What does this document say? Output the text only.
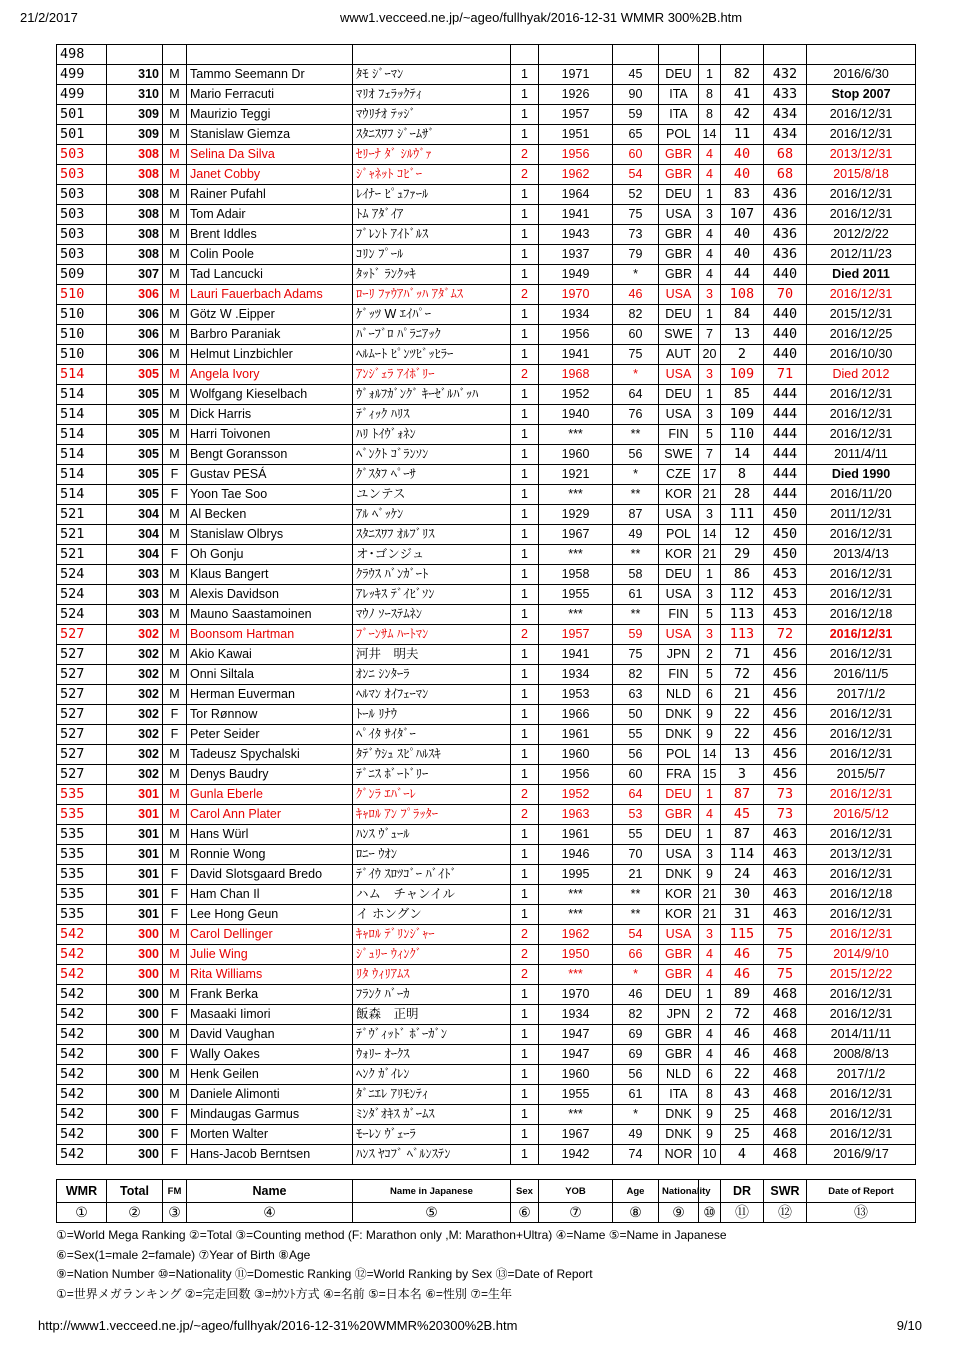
21/2/2017	www1.vecceed.ne.jp/~ageo/fullhyak/2016-12-31 WMMR 300%2B.htm
498												
499	310	M	Tammo Seemann Dr	ﾀﾓ ｼﾞｰﾏﾝ	1	1971	45	DEU	1	82	432	2016/6/30
499	310	M	Mario Ferracuti	ﾏﾘｵ ﾌｪﾗｯｸﾃｨ	1	1926	90	ITA	8	41	433	Stop 2007
501	309	M	Maurizio Teggi	ﾏｳﾘﾁｵ ﾃｯｼﾞ	1	1957	59	ITA	8	42	434	2016/12/31
501	309	M	Stanislaw Giemza	ｽﾀﾆｽﾜﾌ ｼﾞｰﾑｻﾞ	1	1951	65	POL	14	11	434	2016/12/31
503	308	M	Selina Da Silva	ｾﾘｰﾅ ﾀﾞ ｼﾙｳﾞｧ	2	1956	60	GBR	4	40	68	2013/12/31
503	308	M	Janet Cobby	ｼﾞｬﾈｯﾄ ｺﾋﾞｰ	2	1962	54	GBR	4	40	68	2015/8/18
503	308	M	Rainer Pufahl	ﾚｲﾅｰ ﾋﾟｭﾌｧｰﾙ	1	1964	52	DEU	1	83	436	2016/12/31
503	308	M	Tom Adair	ﾄﾑ ｱﾀﾞｲｱ	1	1941	75	USA	3	107	436	2016/12/31
503	308	M	Brent Iddles	ﾌﾞﾚﾝﾄ ｱｲﾄﾞﾙｽ	1	1943	73	GBR	4	40	436	2012/2/22
503	308	M	Colin Poole	ｺﾘﾝ ﾌﾟｰﾙ	1	1937	79	GBR	4	40	436	2012/11/23
509	307	M	Tad Lancucki	ﾀｯﾄﾞ ﾗﾝｸｯｷ	1	1949	*	GBR	4	44	440	Died 2011
510	306	M	Lauri Fauerbach Adams	ﾛｰﾘ ﾌｧｳｱﾊﾞｯﾊ ｱﾀﾞﾑｽ	2	1970	46	USA	3	108	70	2016/12/31
510	306	M	Götz W .Eipper	ｹﾞｯﾂ W ｴｲﾊﾟｰ	1	1934	82	DEU	1	84	440	2015/12/31
510	306	M	Barbro Paraniak	ﾊﾞｰﾌﾞﾛ ﾊﾟﾗﾆｱｯｸ	1	1956	60	SWE	7	13	440	2016/12/25
510	306	M	Helmut Linzbichler	ﾍﾙﾑｰﾄ ﾋﾟﾝﾂﾋﾞｯﾋﾗｰ	1	1941	75	AUT	20	2	440	2016/10/30
514	305	M	Angela Ivory	ｱﾝｼﾞｪﾗ ｱｲﾎﾞﾘｰ	2	1968	*	USA	3	109	71	Died 2012
514	305	M	Wolfgang Kieselbach	ｳﾞｫﾙﾌｶﾞﾝｸﾞ ｷｰｾﾞﾙﾊﾞｯﾊ	1	1952	64	DEU	1	85	444	2016/12/31
514	305	M	Dick Harris	ﾃﾞｨｯｸ ﾊﾘｽ	1	1940	76	USA	3	109	444	2016/12/31
514	305	M	Harri Toivonen	ﾊﾘ ﾄｲｳﾞｫﾈﾝ	1	***	**	FIN	5	110	444	2016/12/31
514	305	M	Bengt Goransson	ﾍﾞﾝｸﾄ ｺﾞﾗﾝｿﾝ	1	1960	56	SWE	7	14	444	2011/4/11
514	305	F	Gustav PESÁ	ｸﾞｽﾀﾌ ﾍﾟｰｻ	1	1921	*	CZE	17	8	444	Died 1990
514	305	F	Yoon Tae Soo	ユンテス	1	***	**	KOR	21	28	444	2016/11/20
521	304	M	Al Becken	ｱﾙ ﾍﾞｯｹﾝ	1	1929	87	USA	3	111	450	2011/12/31
521	304	M	Stanislaw Olbrys	ｽﾀﾆｽﾜﾌ ｵﾙﾌﾞﾘｽ	1	1967	49	POL	14	12	450	2016/12/31
521	304	F	Oh Gonju	オ･ゴンジュ	1	***	**	KOR	21	29	450	2013/4/13
524	303	M	Klaus Bangert	ｸﾗｳｽ ﾊﾞﾝｶﾞｰﾄ	1	1958	58	DEU	1	86	453	2016/12/31
524	303	M	Alexis Davidson	ｱﾚｯｷｽ ﾃﾞｲﾋﾞｿﾝ	1	1955	61	USA	3	112	453	2016/12/31
524	303	M	Mauno Saastamoinen	ﾏｳﾉ ｿｰｽﾃﾑﾈﾝ	1	***	**	FIN	5	113	453	2016/12/18
527	302	M	Boonsom Hartman	ﾌﾞｰﾝｻﾑ ﾊｰﾄﾏﾝ	2	1957	59	USA	3	113	72	2016/12/31
527	302	M	Akio Kawai	河井　明夫	1	1941	75	JPN	2	71	456	2016/12/31
527	302	M	Onni Siltala	ｵﾝﾆ ｼﾝﾀｰﾗ	1	1934	82	FIN	5	72	456	2016/11/5
527	302	M	Herman Euverman	ﾍﾙﾏﾝ ｵｲﾌｪｰﾏﾝ	1	1953	63	NLD	6	21	456	2017/1/2
527	302	F	Tor Rønnow	ﾄｰﾙ ﾘﾅｳ	1	1966	50	DNK	9	22	456	2016/12/31
527	302	F	Peter Seider	ﾍﾟｲﾀ ｻｲﾀﾞｰ	1	1961	55	DNK	9	22	456	2016/12/31
527	302	M	Tadeusz Spychalski	ﾀﾃﾞｳｼｭ ｽﾋﾟﾊﾙｽｷ	1	1960	56	POL	14	13	456	2016/12/31
527	302	M	Denys Baudry	ﾃﾞﾆｽ ﾎﾞｰﾄﾞﾘｰ	1	1956	60	FRA	15	3	456	2015/5/7
535	301	M	Gunla Eberle	ｸﾞﾝﾗ ｴﾊﾞｰﾚ	2	1952	64	DEU	1	87	73	2016/12/31
535	301	M	Carol Ann Plater	ｷｬﾛﾙ ｱﾝ ﾌﾟﾗｯﾀｰ	2	1963	53	GBR	4	45	73	2016/5/12
535	301	M	Hans Würl	ﾊﾝｽ ｳﾞｭｰﾙ	1	1961	55	DEU	1	87	463	2016/12/31
535	301	M	Ronnie Wong	ﾛﾆｰ ｳｵﾝ	1	1946	70	USA	3	114	463	2013/12/31
535	301	F	David Slotsgaard Bredo	ﾃﾞｲｳ ｽﾛﾂｺﾞｰ ﾊﾞｲﾄﾞ	1	1995	21	DNK	9	24	463	2016/12/31
535	301	F	Ham Chan Il	ハム　チャンイル	1	***	**	KOR	21	30	463	2016/12/18
535	301	F	Lee Hong Geun	イ ホングン	1	***	**	KOR	21	31	463	2016/12/31
542	300	M	Carol Dellinger	ｷｬﾛﾙ ﾃﾞﾘﾝｼﾞｬｰ	2	1962	54	USA	3	115	75	2016/12/31
542	300	M	Julie Wing	ｼﾞｭﾘｰ ｳｨﾝｸﾞ	2	1950	66	GBR	4	46	75	2014/9/10
542	300	M	Rita Williams	ﾘﾀ ｳｨﾘｱﾑｽ	2	***	*	GBR	4	46	75	2015/12/22
542	300	M	Frank Berka	ﾌﾗﾝｸ ﾊﾞｰｶ	1	1970	46	DEU	1	89	468	2016/12/31
542	300	F	Masaaki Iimori	飯森　正明	1	1934	82	JPN	2	72	468	2016/12/31
542	300	M	David Vaughan	ﾃﾞｳﾞｨｯﾄﾞ ﾎﾞｰｶﾞﾝ	1	1947	69	GBR	4	46	468	2014/11/11
542	300	F	Wally Oakes	ｳｫﾘｰ ｵｰｸｽ	1	1947	69	GBR	4	46	468	2008/8/13
542	300	M	Henk Geilen	ﾍﾝｸ ｶﾞｲﾚﾝ	1	1960	56	NLD	6	22	468	2017/1/2
542	300	M	Daniele Alimonti	ﾀﾞﾆｴﾚ ｱﾘﾓﾝﾃｨ	1	1955	61	ITA	8	43	468	2016/12/31
542	300	F	Mindaugas Garmus	ﾐﾝﾀﾞｵｷｽ ｶﾞｰﾑｽ	1	***	*	DNK	9	25	468	2016/12/31
542	300	F	Morten Walter	ﾓｰﾚﾝ ｳﾞｪｰﾗ	1	1967	49	DNK	9	25	468	2016/12/31
542	300	F	Hans-Jacob Berntsen	ﾊﾝｽ ﾔｺﾌﾞ ﾍﾞﾙﾝｽﾃﾝ	1	1942	74	NOR	10	4	468	2016/9/17

WMR	Total	FM	Name	Name in Japanese	Sex	YOB	Age	Nationality		DR	SWR	Date of Report
①	②	③	④	⑤	⑥	⑦	⑧	⑨	⑩	⑪	⑫	⑬
①=World Mega Ranking ②=Total ③=Counting method (F: Marathon only ,M: Marathon+Ultra) ④=Name ⑤=Name in Japanese
⑥=Sex(1=male 2=famale) ⑦Year of Birth ⑧Age
⑨=Nation Number ⑩=Nationality ⑪=Domestic Ranking ⑫=World Ranking by Sex ⑬=Date of Report
①=世界メガランキング ②=完走回数 ③=ｶｳﾝﾄ方式 ④=名前 ⑤=日本名 ⑥=性別 ⑦=生年
http://www1.vecceed.ne.jp/~ageo/fullhyak/2016-12-31%20WMMR%20300%2B.htm	9/10
